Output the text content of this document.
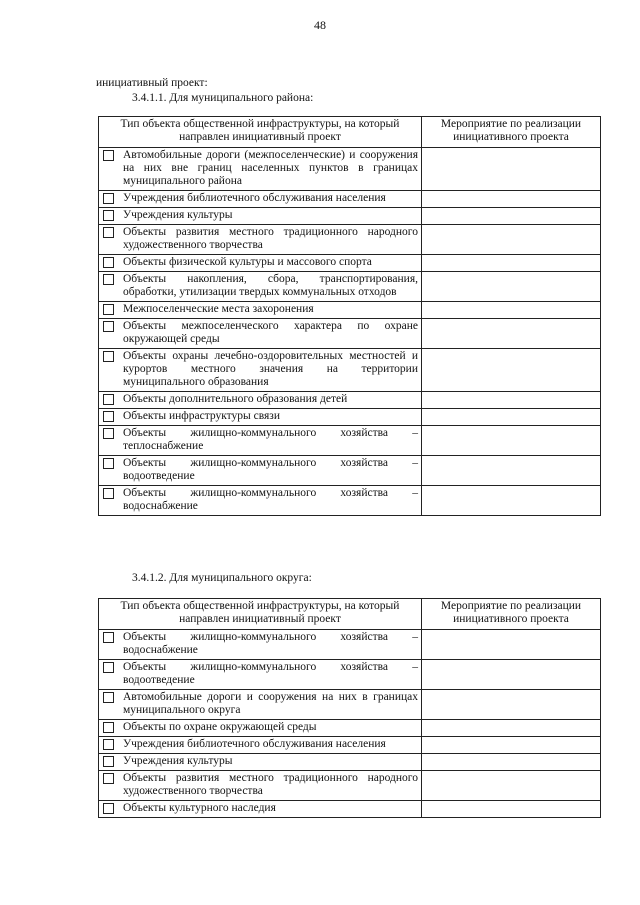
48
инициативный проект:
3.4.1.1. Для муниципального района:
Тип объекта общественной инфраструктуры, на который направлен инициативный проект	Мероприятие по реализации инициативного проекта

Автомобильные дороги (межпоселенческие) и сооружения на них вне границ населенных пунктов в границах муниципального района	

Учреждения библиотечного обслуживания населения	

Учреждения культуры	

Объекты развития местного традиционного народного художественного творчества	

Объекты физической культуры и массового спорта	

Объекты накопления, сбора, транспортирования, обработки, утилизации твердых коммунальных отходов	

Межпоселенческие места захоронения	

Объекты межпоселенческого характера по охране окружающей среды	

Объекты охраны лечебно-оздоровительных местностей и курортов местного значения на территории муниципального образования	

Объекты дополнительного образования детей	

Объекты инфраструктуры связи	

Объекты жилищно-коммунального хозяйства – теплоснабжение	

Объекты жилищно-коммунального хозяйства – водоотведение	

Объекты жилищно-коммунального хозяйства – водоснабжение	

3.4.1.2. Для муниципального округа:
Тип объекта общественной инфраструктуры, на который направлен инициативный проект	Мероприятие по реализации инициативного проекта

Объекты жилищно-коммунального хозяйства – водоснабжение	

Объекты жилищно-коммунального хозяйства – водоотведение	

Автомобильные дороги и сооружения на них в границах муниципального округа	

Объекты по охране окружающей среды	

Учреждения библиотечного обслуживания населения	

Учреждения культуры	

Объекты развития местного традиционного народного художественного творчества	

Объекты культурного наследия	
